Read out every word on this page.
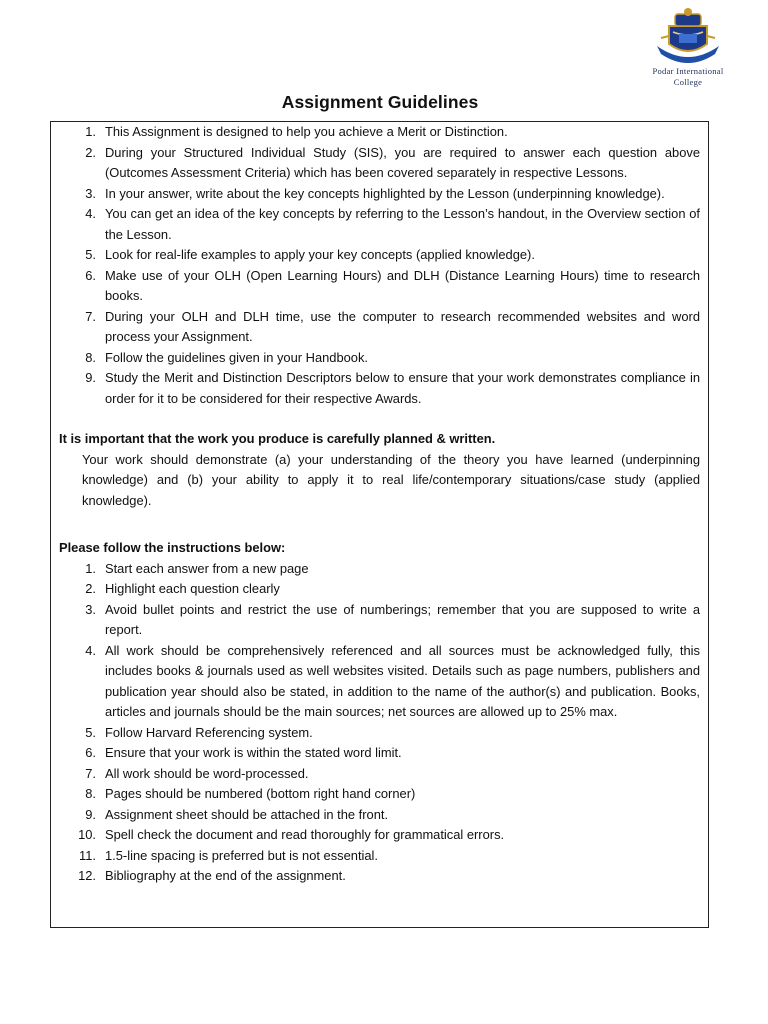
Podar International
College
Assignment Guidelines
1. This Assignment is designed to help you achieve a Merit or Distinction.
2. During your Structured Individual Study (SIS), you are required to answer each question above (Outcomes Assessment Criteria) which has been covered separately in respective Lessons.
3. In your answer, write about the key concepts highlighted by the Lesson (underpinning knowledge).
4. You can get an idea of the key concepts by referring to the Lesson’s handout, in the Overview section of the Lesson.
5. Look for real-life examples to apply your key concepts (applied knowledge).
6. Make use of your OLH (Open Learning Hours) and DLH (Distance Learning Hours) time to research books.
7. During your OLH and DLH time, use the computer to research recommended websites and word process your Assignment.
8. Follow the guidelines given in your Handbook.
9. Study the Merit and Distinction Descriptors below to ensure that your work demonstrates compliance in order for it to be considered for their respective Awards.
It is important that the work you produce is carefully planned & written.
Your work should demonstrate (a) your understanding of the theory you have learned (underpinning knowledge) and (b) your ability to apply it to real life/contemporary situations/case study (applied knowledge).
Please follow the instructions below:
1. Start each answer from a new page
2. Highlight each question clearly
3. Avoid bullet points and restrict the use of numberings; remember that you are supposed to write a report.
4. All work should be comprehensively referenced and all sources must be acknowledged fully, this includes books & journals used as well websites visited. Details such as page numbers, publishers and publication year should also be stated, in addition to the name of the author(s) and publication. Books, articles and journals should be the main sources; net sources are allowed up to 25% max.
5. Follow Harvard Referencing system.
6. Ensure that your work is within the stated word limit.
7. All work should be word-processed.
8. Pages should be numbered (bottom right hand corner)
9. Assignment sheet should be attached in the front.
10. Spell check the document and read thoroughly for grammatical errors.
11. 1.5-line spacing is preferred but is not essential.
12. Bibliography at the end of the assignment.
